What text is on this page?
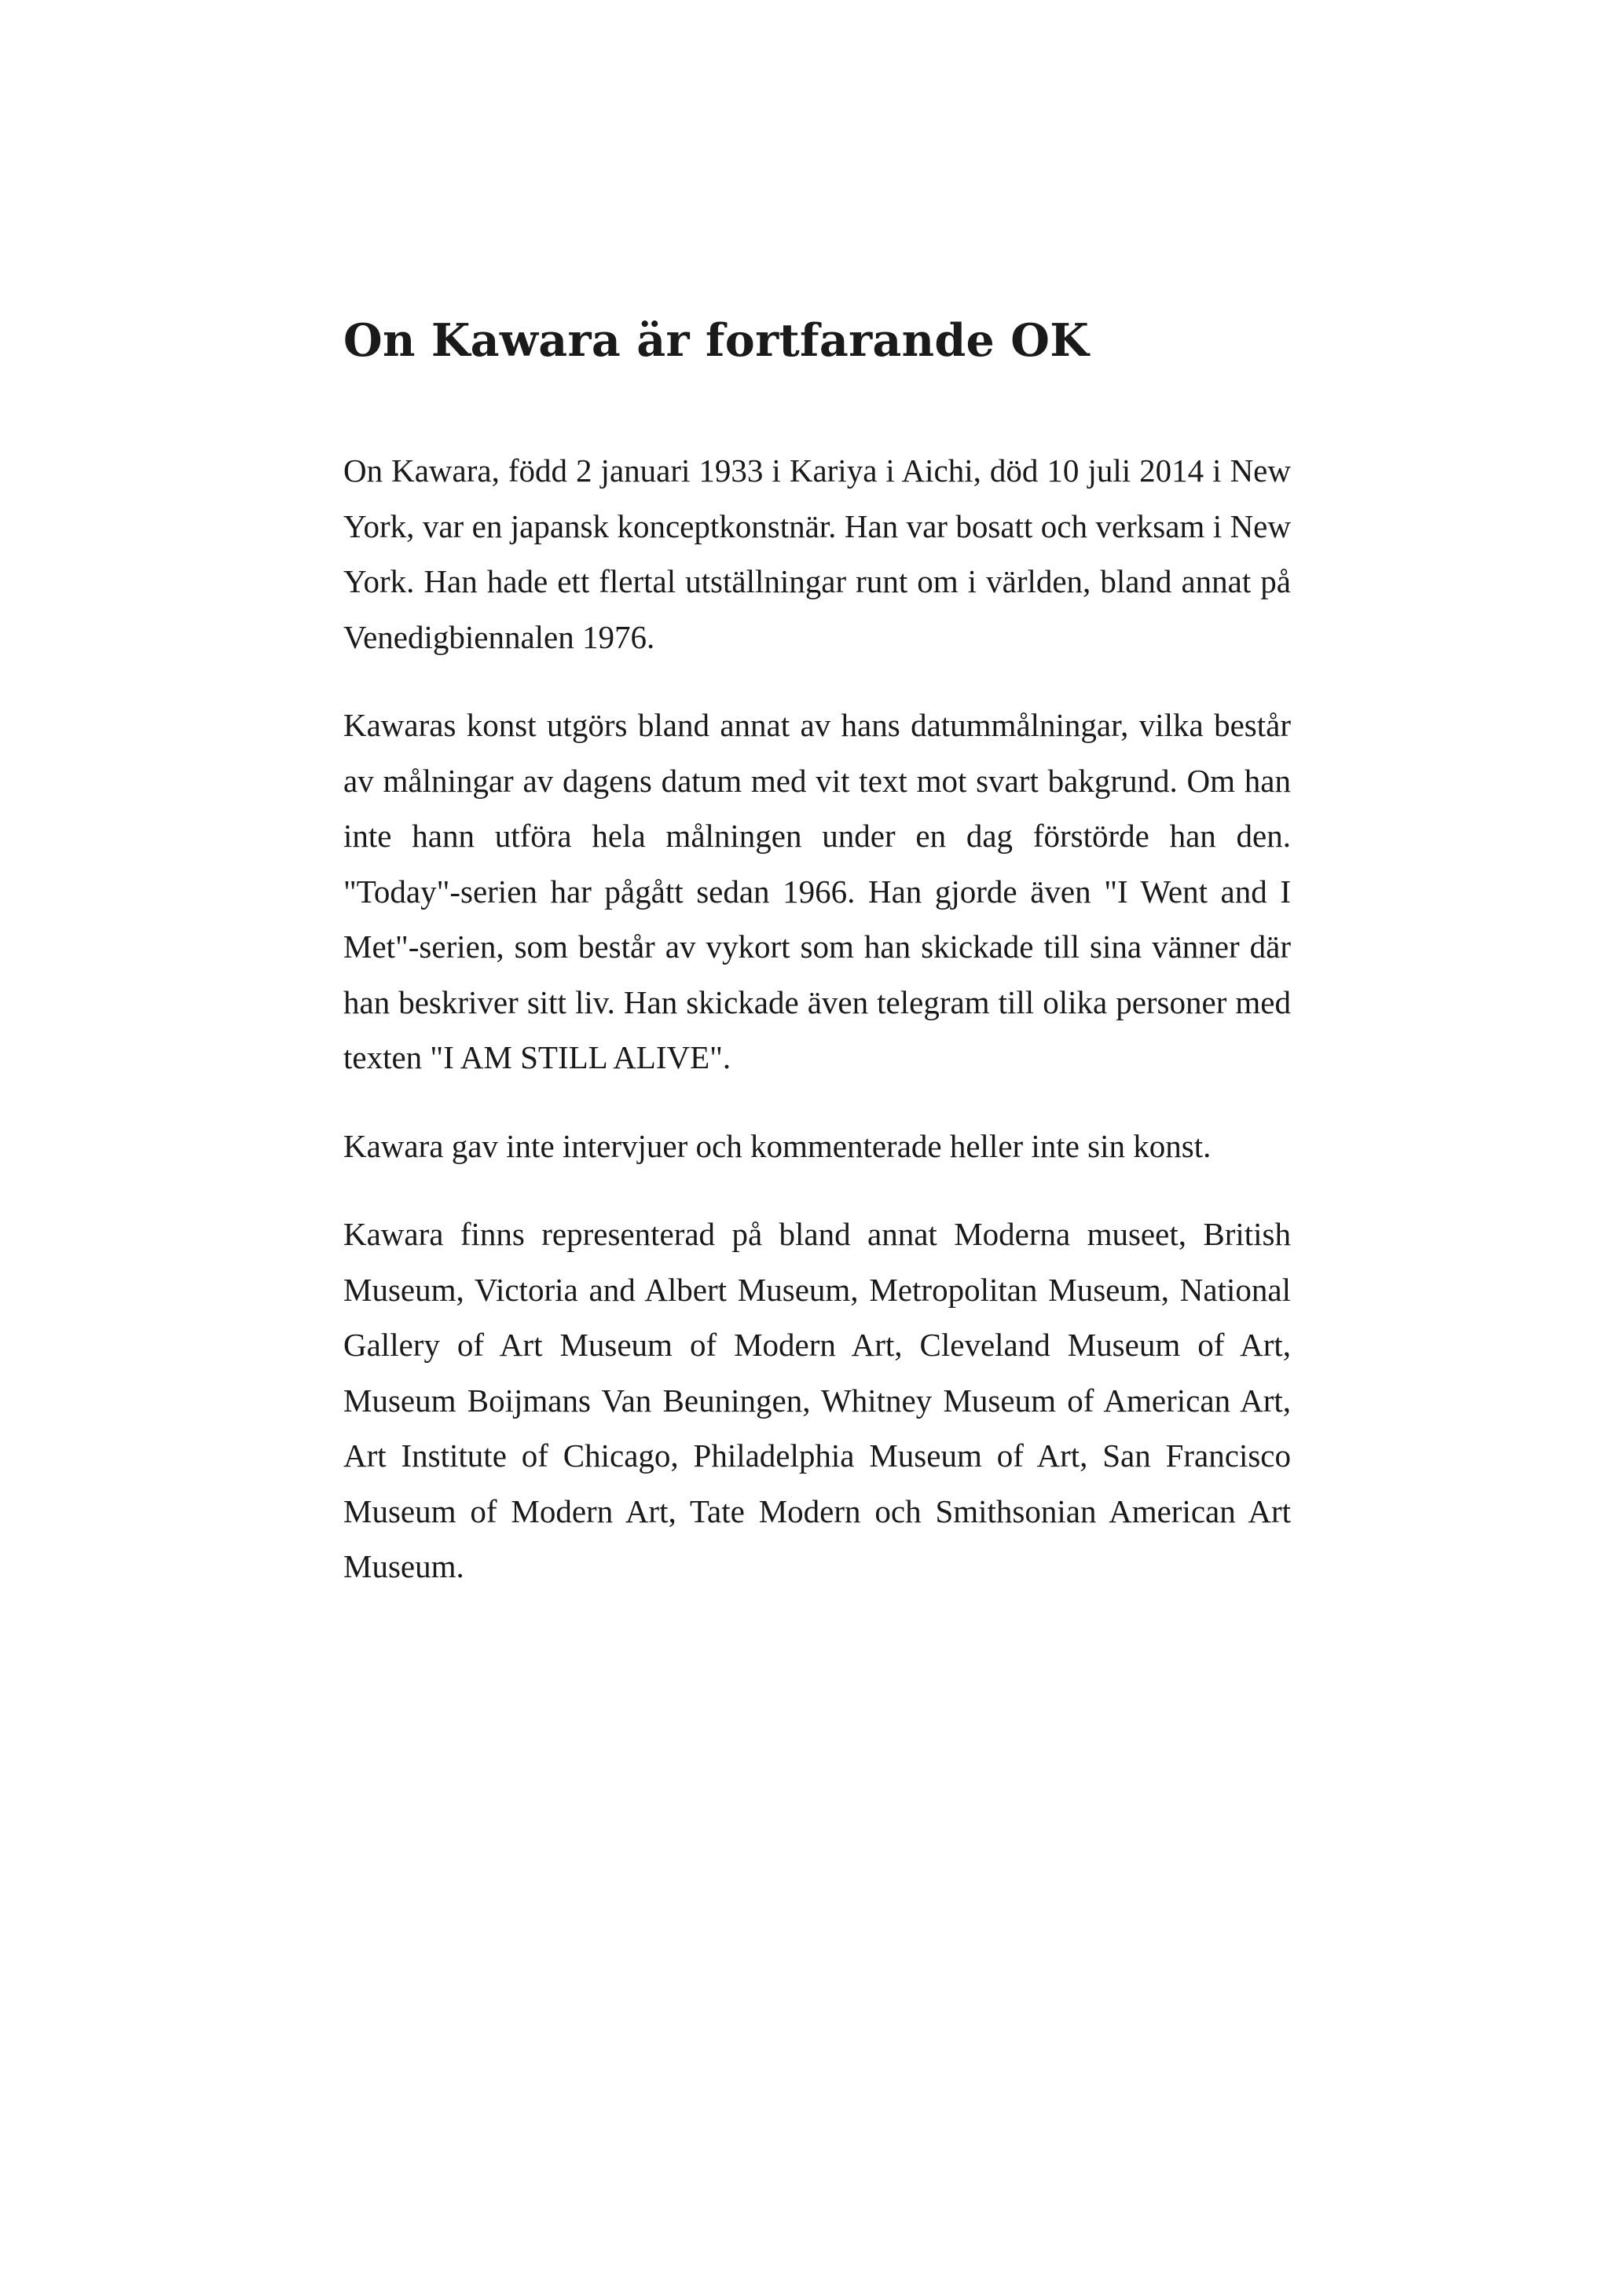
On Kawara är fortfarande OK

On Kawara, född 2 januari 1933 i Kariya i Aichi, död 10 juli 2014 i New York, var en japansk konceptkonstnär. Han var bosatt och verksam i New York. Han hade ett flertal utställningar runt om i världen, bland annat på Venedigbiennalen 1976.

Kawaras konst utgörs bland annat av hans datummålningar, vilka består av målningar av dagens datum med vit text mot svart bakgrund. Om han inte hann utföra hela målningen under en dag förstörde han den. "Today"-serien har pågått sedan 1966. Han gjorde även "I Went and I Met"-serien, som består av vykort som han skickade till sina vänner där han beskriver sitt liv. Han skickade även telegram till olika personer med texten "I AM STILL ALIVE".

Kawara gav inte intervjuer och kommenterade heller inte sin konst.

Kawara finns representerad på bland annat Moderna museet, British Museum, Victoria and Albert Museum, Metropolitan Museum, National Gallery of Art Museum of Modern Art, Cleveland Museum of Art, Museum Boijmans Van Beuningen, Whitney Museum of American Art, Art Institute of Chicago, Philadelphia Museum of Art, San Francisco Museum of Modern Art, Tate Modern och Smithsonian American Art Museum.
